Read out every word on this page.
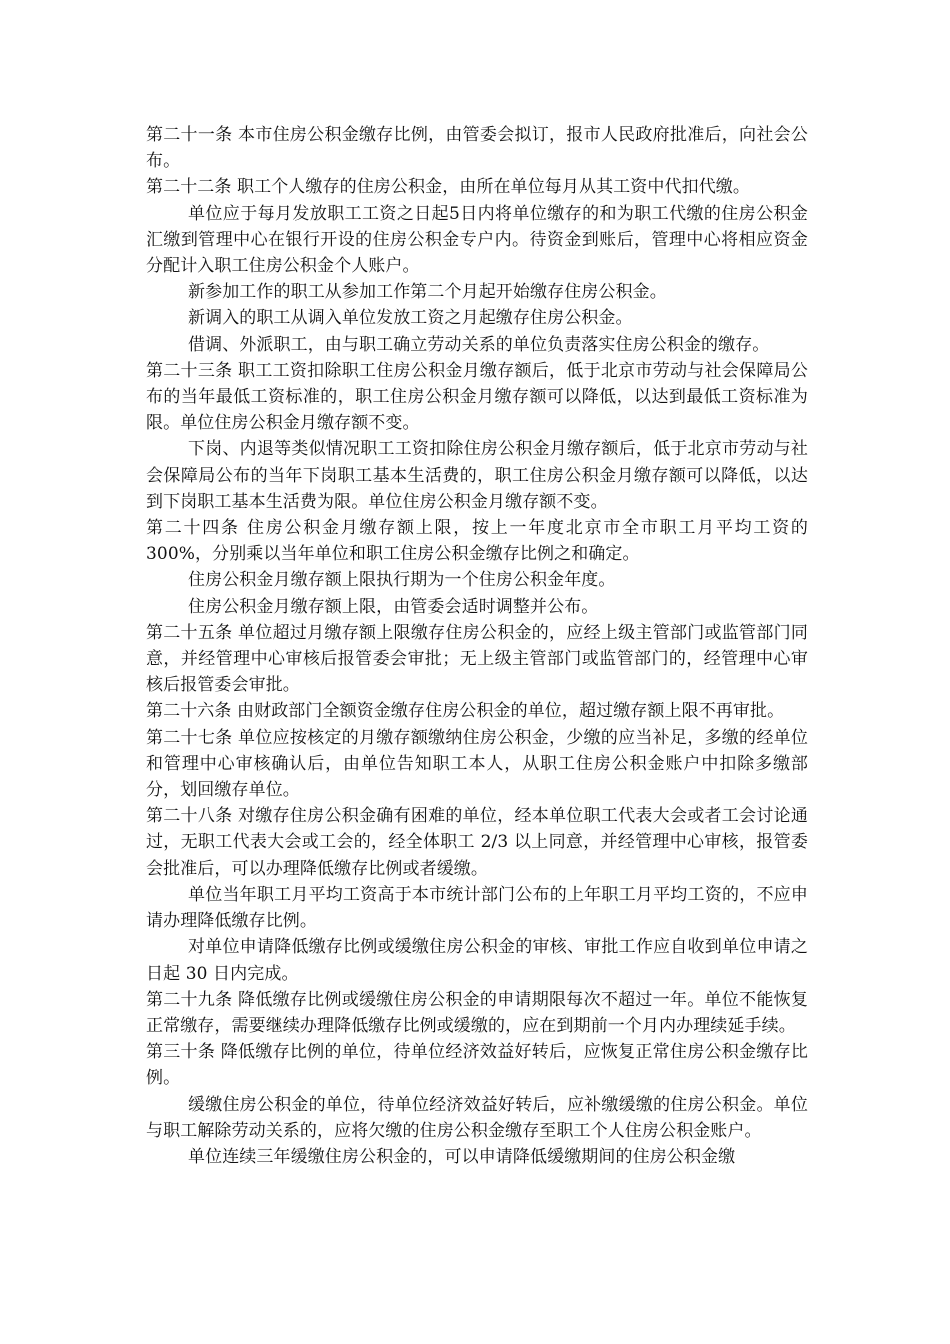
第二十一条 本市住房公积金缴存比例，由管委会拟订，报市人民政府批准后，向社会公布。

第二十二条 职工个人缴存的住房公积金，由所在单位每月从其工资中代扣代缴。

单位应于每月发放职工工资之日起5日内将单位缴存的和为职工代缴的住房公积金汇缴到管理中心在银行开设的住房公积金专户内。待资金到账后，管理中心将相应资金分配计入职工住房公积金个人账户。

新参加工作的职工从参加工作第二个月起开始缴存住房公积金。

新调入的职工从调入单位发放工资之月起缴存住房公积金。

借调、外派职工，由与职工确立劳动关系的单位负责落实住房公积金的缴存。

第二十三条 职工工资扣除职工住房公积金月缴存额后，低于北京市劳动与社会保障局公布的当年最低工资标准的，职工住房公积金月缴存额可以降低，以达到最低工资标准为限。单位住房公积金月缴存额不变。

下岗、内退等类似情况职工工资扣除住房公积金月缴存额后，低于北京市劳动与社会保障局公布的当年下岗职工基本生活费的，职工住房公积金月缴存额可以降低，以达到下岗职工基本生活费为限。单位住房公积金月缴存额不变。

第二十四条 住房公积金月缴存额上限，按上一年度北京市全市职工月平均工资的300%，分别乘以当年单位和职工住房公积金缴存比例之和确定。

住房公积金月缴存额上限执行期为一个住房公积金年度。

住房公积金月缴存额上限，由管委会适时调整并公布。

第二十五条 单位超过月缴存额上限缴存住房公积金的，应经上级主管部门或监管部门同意，并经管理中心审核后报管委会审批；无上级主管部门或监管部门的，经管理中心审核后报管委会审批。

第二十六条 由财政部门全额资金缴存住房公积金的单位，超过缴存额上限不再审批。

第二十七条 单位应按核定的月缴存额缴纳住房公积金，少缴的应当补足，多缴的经单位和管理中心审核确认后，由单位告知职工本人，从职工住房公积金账户中扣除多缴部分，划回缴存单位。

第二十八条 对缴存住房公积金确有困难的单位，经本单位职工代表大会或者工会讨论通过，无职工代表大会或工会的，经全体职工 2/3 以上同意，并经管理中心审核，报管委会批准后，可以办理降低缴存比例或者缓缴。

单位当年职工月平均工资高于本市统计部门公布的上年职工月平均工资的，不应申请办理降低缴存比例。

对单位申请降低缴存比例或缓缴住房公积金的审核、审批工作应自收到单位申请之日起 30 日内完成。

第二十九条 降低缴存比例或缓缴住房公积金的申请期限每次不超过一年。单位不能恢复正常缴存，需要继续办理降低缴存比例或缓缴的，应在到期前一个月内办理续延手续。

第三十条 降低缴存比例的单位，待单位经济效益好转后，应恢复正常住房公积金缴存比例。

缓缴住房公积金的单位，待单位经济效益好转后，应补缴缓缴的住房公积金。单位与职工解除劳动关系的，应将欠缴的住房公积金缴存至职工个人住房公积金账户。

单位连续三年缓缴住房公积金的，可以申请降低缓缴期间的住房公积金缴
